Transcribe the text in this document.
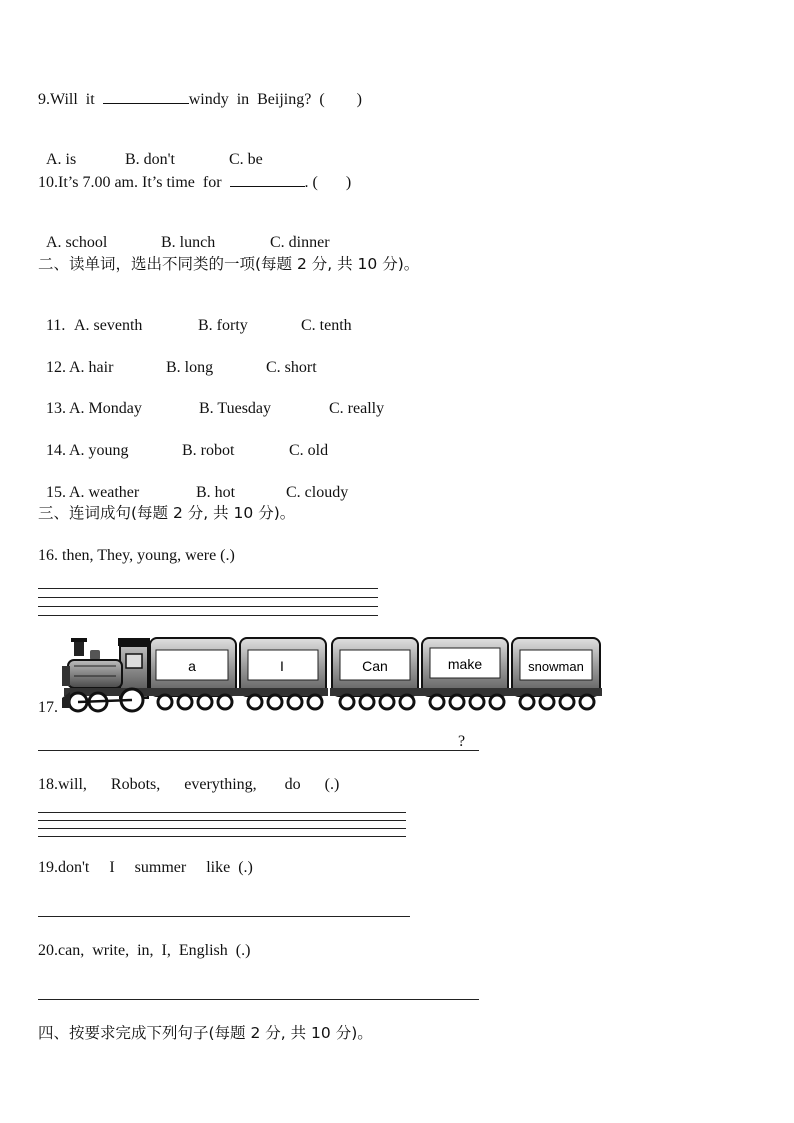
9.Will  it	windy  in  Beijing?  (        )

A. is	B. don't	C. be

10.It’s 7.00 am. It’s time  for	. (       )

A. school	B. lunch	C. dinner

二、读单词，选出不同类的一项(每题 2 分, 共 10 分)。

11. A. seventh	B. forty	C. tenth

12. A. hair	B. long	C. short

13. A. Monday	B. Tuesday	C. really

14. A. young	B. robot	C. old

15. A. weather	B. hot	C. cloudy

三、连词成句(每题 2 分, 共 10 分)。
16. then, They, young, were (.)
17.
a	I	Can	make	snowman
?
18.will,      Robots,      everything,       do      (.)
19.don't     I     summer     like  (.)
20.can,  write,  in,  I,  English  (.)
四、按要求完成下列句子(每题 2 分, 共 10 分)。
